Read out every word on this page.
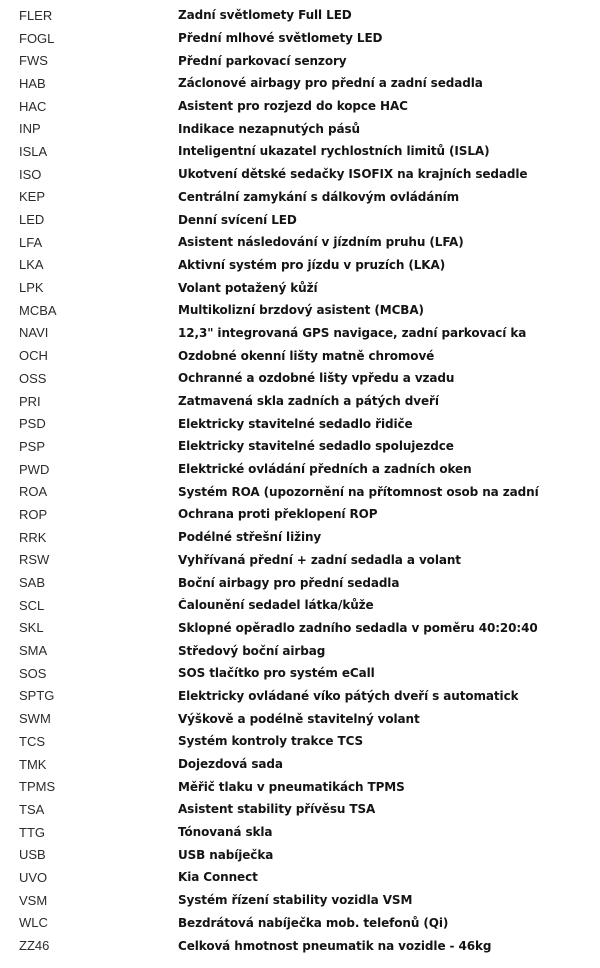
FLER	Zadní světlomety Full LED
FOGL	Přední mlhové světlomety LED
FWS	Přední parkovací senzory
HAB	Záclonové airbagy pro přední a zadní sedadla
HAC	Asistent pro rozjezd do kopce HAC
INP	Indikace nezapnutých pásů
ISLA	Inteligentní ukazatel rychlostních limitů (ISLA)
ISO	Ukotvení dětské sedačky ISOFIX na krajních sedadle
KEP	Centrální zamykání s dálkovým ovládáním
LED	Denní svícení LED
LFA	Asistent následování v jízdním pruhu (LFA)
LKA	Aktivní systém pro jízdu v pruzích (LKA)
LPK	Volant potažený kůží
MCBA	Multikolizní brzdový asistent (MCBA)
NAVI	12,3" integrovaná GPS navigace, zadní parkovací ka
OCH	Ozdobné okenní lišty matně chromové
OSS	Ochranné a ozdobné lišty vpředu a vzadu
PRI	Zatmavená skla zadních a pátých dveří
PSD	Elektricky stavitelné sedadlo řidiče
PSP	Elektricky stavitelné sedadlo spolujezdce
PWD	Elektrické ovládání předních a zadních oken
ROA	Systém ROA (upozornění na přítomnost osob na zadní
ROP	Ochrana proti překlopení ROP
RRK	Podélné střešní ližiny
RSW	Vyhřívaná přední + zadní sedadla a volant
SAB	Boční airbagy pro přední sedadla
SCL	Čalounění sedadel látka/kůže
SKL	Sklopné opěradlo zadního sedadla v poměru 40:20:40
SMA	Středový boční airbag
SOS	SOS tlačítko pro systém eCall
SPTG	Elektricky ovládané víko pátých dveří s automatick
SWM	Výškově a podélně stavitelný volant
TCS	Systém kontroly trakce TCS
TMK	Dojezdová sada
TPMS	Měřič tlaku v pneumatikách TPMS
TSA	Asistent stability přívěsu TSA
TTG	Tónovaná skla
USB	USB nabíječka
UVO	Kia Connect
VSM	Systém řízení stability vozidla VSM
WLC	Bezdrátová nabíječka mob. telefonů (Qi)
ZZ46	Celková hmotnost pneumatik na vozidle - 46kg
